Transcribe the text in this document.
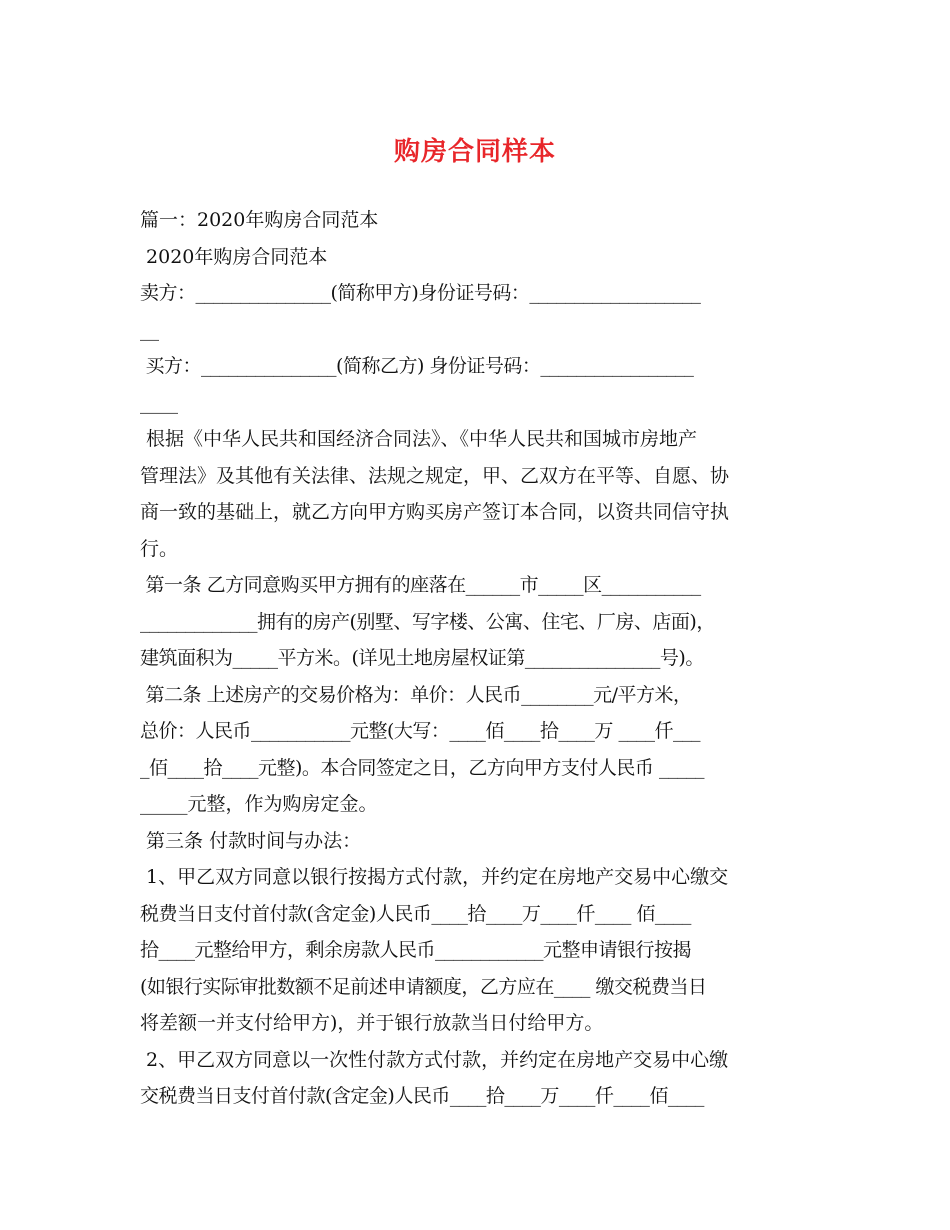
购房合同样本
篇一：2020年购房合同范本
2020年购房合同范本
卖方：_______________(简称甲方)身份证号码：___________________
__
买方：_______________(简称乙方) 身份证号码：_________________
____
根据《中华人民共和国经济合同法》、《中华人民共和国城市房地产
管理法》及其他有关法律、法规之规定，甲、乙双方在平等、自愿、协
商一致的基础上，就乙方向甲方购买房产签订本合同，以资共同信守执
行。
第一条 乙方同意购买甲方拥有的座落在______市_____区___________
_____________拥有的房产(别墅、写字楼、公寓、住宅、厂房、店面)，
建筑面积为_____平方米。(详见土地房屋权证第_______________号)。
第二条 上述房产的交易价格为：单价：人民币________元/平方米，
总价：人民币___________元整(大写：____佰____拾____万 ____仟___
_佰____拾____元整)。本合同签定之日，乙方向甲方支付人民币 _____
_____元整，作为购房定金。
第三条 付款时间与办法：
1、甲乙双方同意以银行按揭方式付款，并约定在房地产交易中心缴交
税费当日支付首付款(含定金)人民币____拾____万____仟____ 佰____
拾____元整给甲方，剩余房款人民币____________元整申请银行按揭
(如银行实际审批数额不足前述申请额度，乙方应在____ 缴交税费当日
将差额一并支付给甲方)，并于银行放款当日付给甲方。
2、甲乙双方同意以一次性付款方式付款，并约定在房地产交易中心缴
交税费当日支付首付款(含定金)人民币____拾____万____仟____佰____
